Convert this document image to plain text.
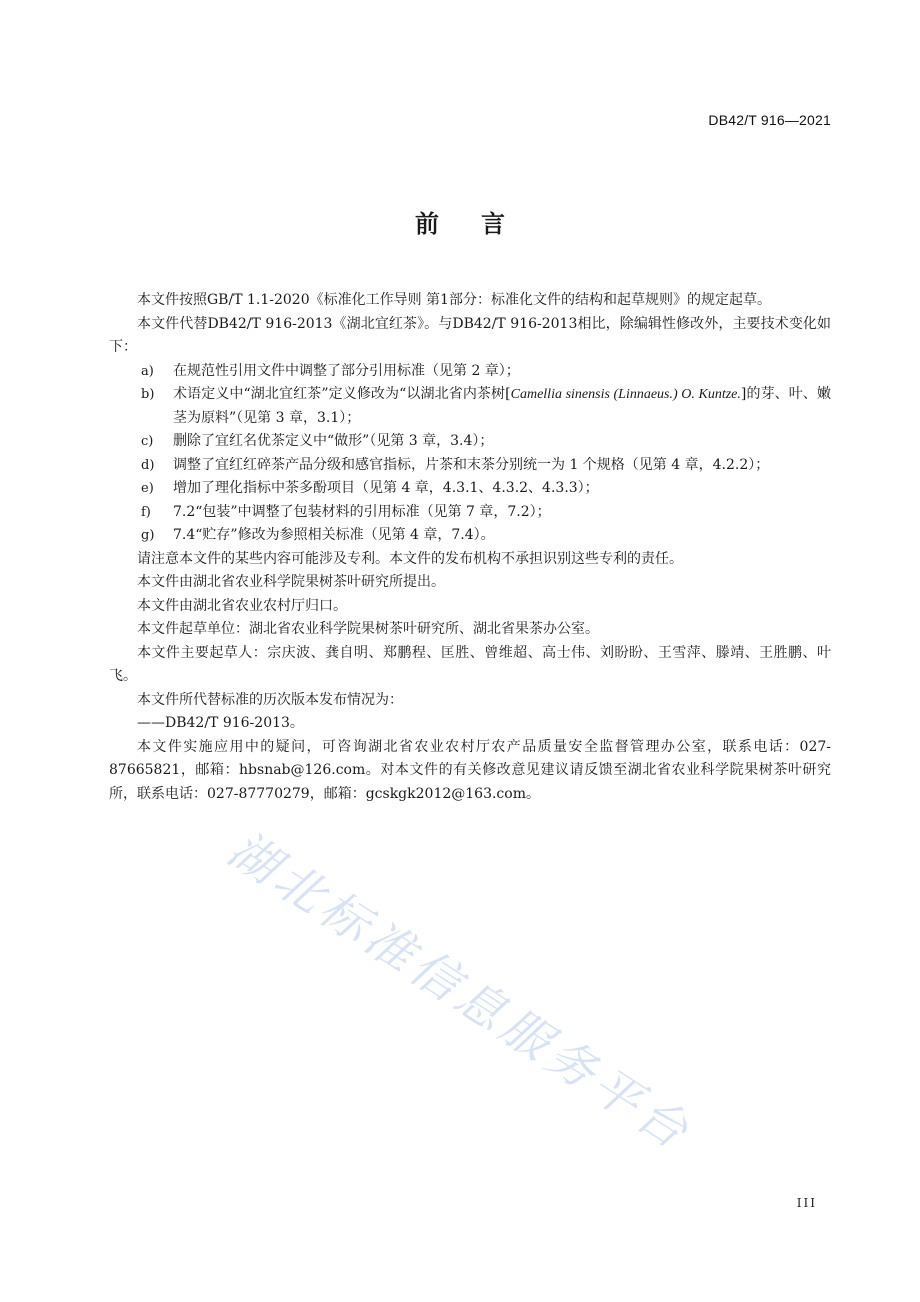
DB42/T 916—2021
前言

本文件按照GB/T 1.1-2020《标准化工作导则 第1部分：标准化文件的结构和起草规则》的规定起草。

本文件代替DB42/T 916-2013《湖北宜红茶》。与DB42/T 916-2013相比，除编辑性修改外，主要技术变化如下：

a) 在规范性引用文件中调整了部分引用标准（见第 2 章）；
b) 术语定义中“湖北宜红茶”定义修改为“以湖北省内茶树[Camellia sinensis (Linnaeus.) O. Kuntze.]的芽、叶、嫩茎为原料”（见第 3 章，3.1）；
c) 删除了宜红名优茶定义中“做形”（见第 3 章，3.4）；
d) 调整了宜红红碎茶产品分级和感官指标，片茶和末茶分别统一为 1 个规格（见第 4 章，4.2.2）；
e) 增加了理化指标中茶多酚项目（见第 4 章，4.3.1、4.3.2、4.3.3）；
f) 7.2“包装”中调整了包装材料的引用标准（见第 7 章，7.2）；
g) 7.4“贮存”修改为参照相关标准（见第 4 章，7.4）。

请注意本文件的某些内容可能涉及专利。本文件的发布机构不承担识别这些专利的责任。

本文件由湖北省农业科学院果树茶叶研究所提出。

本文件由湖北省农业农村厅归口。

本文件起草单位：湖北省农业科学院果树茶叶研究所、湖北省果茶办公室。

本文件主要起草人：宗庆波、龚自明、郑鹏程、匡胜、曾维超、高士伟、刘盼盼、王雪萍、滕靖、王胜鹏、叶飞。

本文件所代替标准的历次版本发布情况为：

——DB42/T 916-2013。

本文件实施应用中的疑问，可咨询湖北省农业农村厅农产品质量安全监督管理办公室，联系电话：027-87665821，邮箱：hbsnab@126.com。对本文件的有关修改意见建议请反馈至湖北省农业科学院果树茶叶研究所，联系电话：027-87770279，邮箱：gcskgk2012@163.com。

湖北标准信息服务平台
III
